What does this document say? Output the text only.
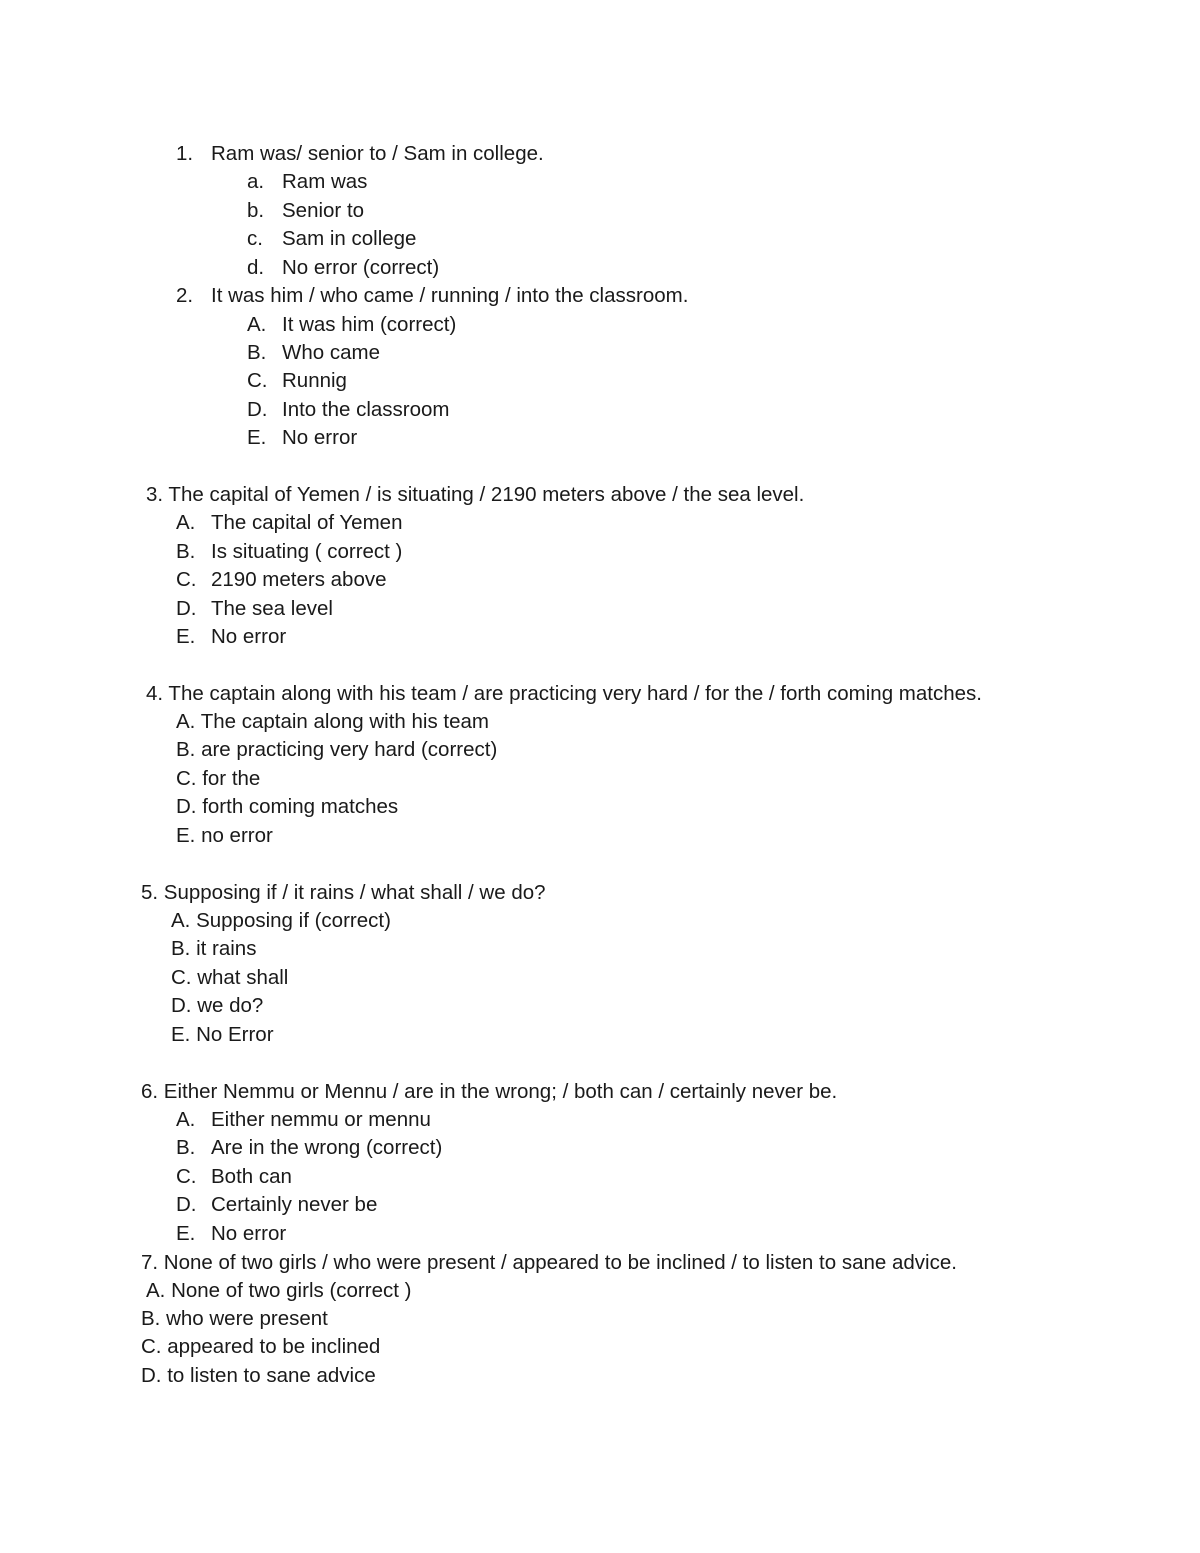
1. Ram was/ senior to / Sam in college.
a. Ram was
b. Senior to
c. Sam in college
d. No error (correct)
2. It was him / who came / running / into the classroom.
A. It was him (correct)
B. Who came
C. Runnig
D. Into the classroom
E. No error
3. The capital of Yemen / is situating / 2190 meters above / the sea level.
A. The capital of Yemen
B. Is situating ( correct )
C. 2190 meters above
D. The sea level
E. No error
4. The captain along with his team / are practicing very hard / for the / forth coming matches.
A. The captain along with his team
B. are practicing very hard (correct)
C. for the
D. forth coming matches
E. no error
5. Supposing if / it rains / what shall / we do?
A. Supposing if (correct)
B. it rains
C. what shall
D. we do?
E. No Error
6. Either Nemmu or Mennu / are in the wrong; / both can / certainly never be.
A. Either nemmu or mennu
B. Are in the wrong (correct)
C. Both can
D. Certainly never be
E. No error
7. None of two girls / who were present / appeared to be inclined / to listen to sane advice.
A. None of two girls (correct )
B. who were present
C. appeared to be inclined
D. to listen to sane advice
